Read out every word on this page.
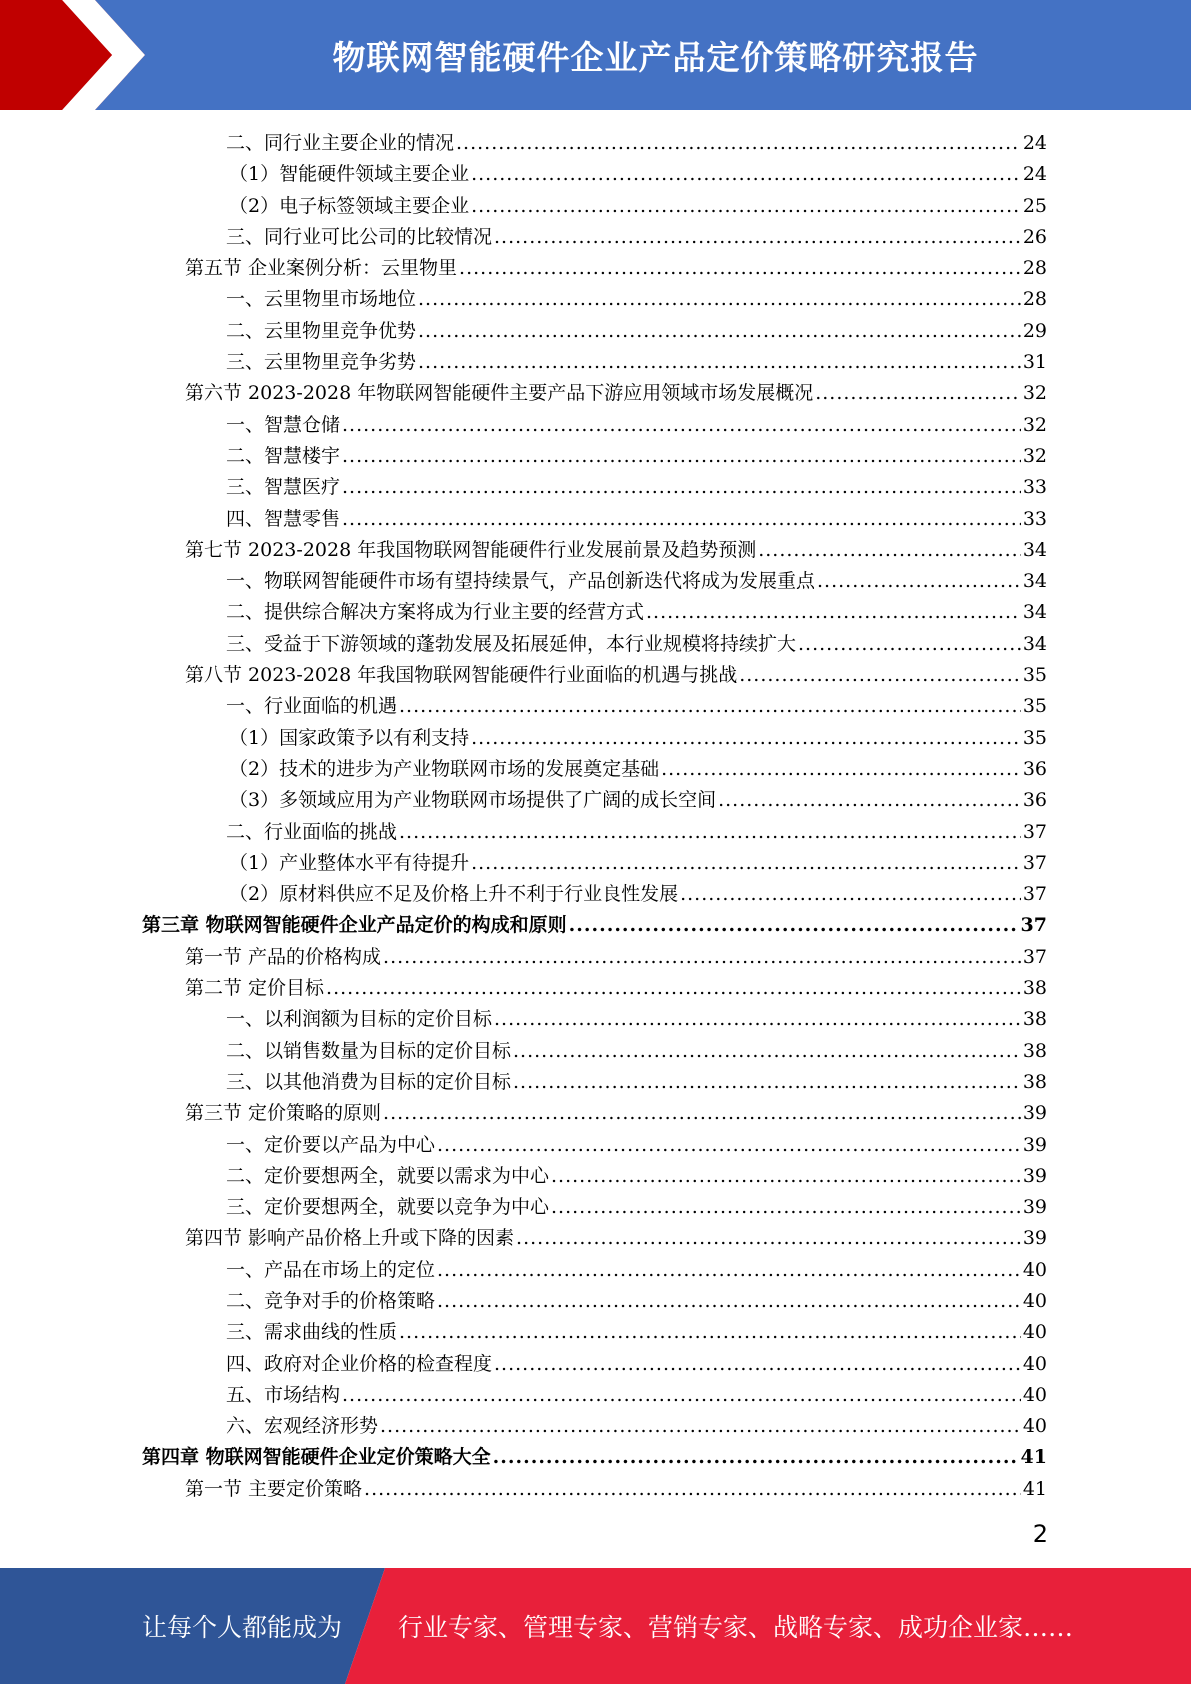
物联网智能硬件企业产品定价策略研究报告
二、同行业主要企业的情况 .....	24
（1）智能硬件领域主要企业 .....	24
（2）电子标签领域主要企业 .....	25
三、同行业可比公司的比较情况 .....	26
第五节 企业案例分析：云里物里 .....	28
一、云里物里市场地位 .....	28
二、云里物里竞争优势 .....	29
三、云里物里竞争劣势 .....	31
第六节 2023-2028 年物联网智能硬件主要产品下游应用领域市场发展概况 .....	32
一、智慧仓储 .....	32
二、智慧楼宇 .....	32
三、智慧医疗 .....	33
四、智慧零售 .....	33
第七节 2023-2028 年我国物联网智能硬件行业发展前景及趋势预测 .....	34
一、物联网智能硬件市场有望持续景气，产品创新迭代将成为发展重点 .....	34
二、提供综合解决方案将成为行业主要的经营方式 .....	34
三、受益于下游领域的蓬勃发展及拓展延伸，本行业规模将持续扩大 .....	34
第八节 2023-2028 年我国物联网智能硬件行业面临的机遇与挑战 .....	35
一、行业面临的机遇 .....	35
（1）国家政策予以有利支持 .....	35
（2）技术的进步为产业物联网市场的发展奠定基础 .....	36
（3）多领域应用为产业物联网市场提供了广阔的成长空间 .....	36
二、行业面临的挑战 .....	37
（1）产业整体水平有待提升 .....	37
（2）原材料供应不足及价格上升不利于行业良性发展 .....	37
第三章 物联网智能硬件企业产品定价的构成和原则 .....	37
第一节 产品的价格构成 .....	37
第二节 定价目标 .....	38
一、以利润额为目标的定价目标 .....	38
二、以销售数量为目标的定价目标 .....	38
三、以其他消费为目标的定价目标 .....	38
第三节 定价策略的原则 .....	39
一、定价要以产品为中心 .....	39
二、定价要想两全，就要以需求为中心 .....	39
三、定价要想两全，就要以竞争为中心 .....	39
第四节 影响产品价格上升或下降的因素 .....	39
一、产品在市场上的定位 .....	40
二、竞争对手的价格策略 .....	40
三、需求曲线的性质 .....	40
四、政府对企业价格的检查程度 .....	40
五、市场结构 .....	40
六、宏观经济形势 .....	40
第四章 物联网智能硬件企业定价策略大全 .....	41
第一节 主要定价策略 .....	41
2
让每个人都能成为 行业专家、管理专家、营销专家、战略专家、成功企业家……
